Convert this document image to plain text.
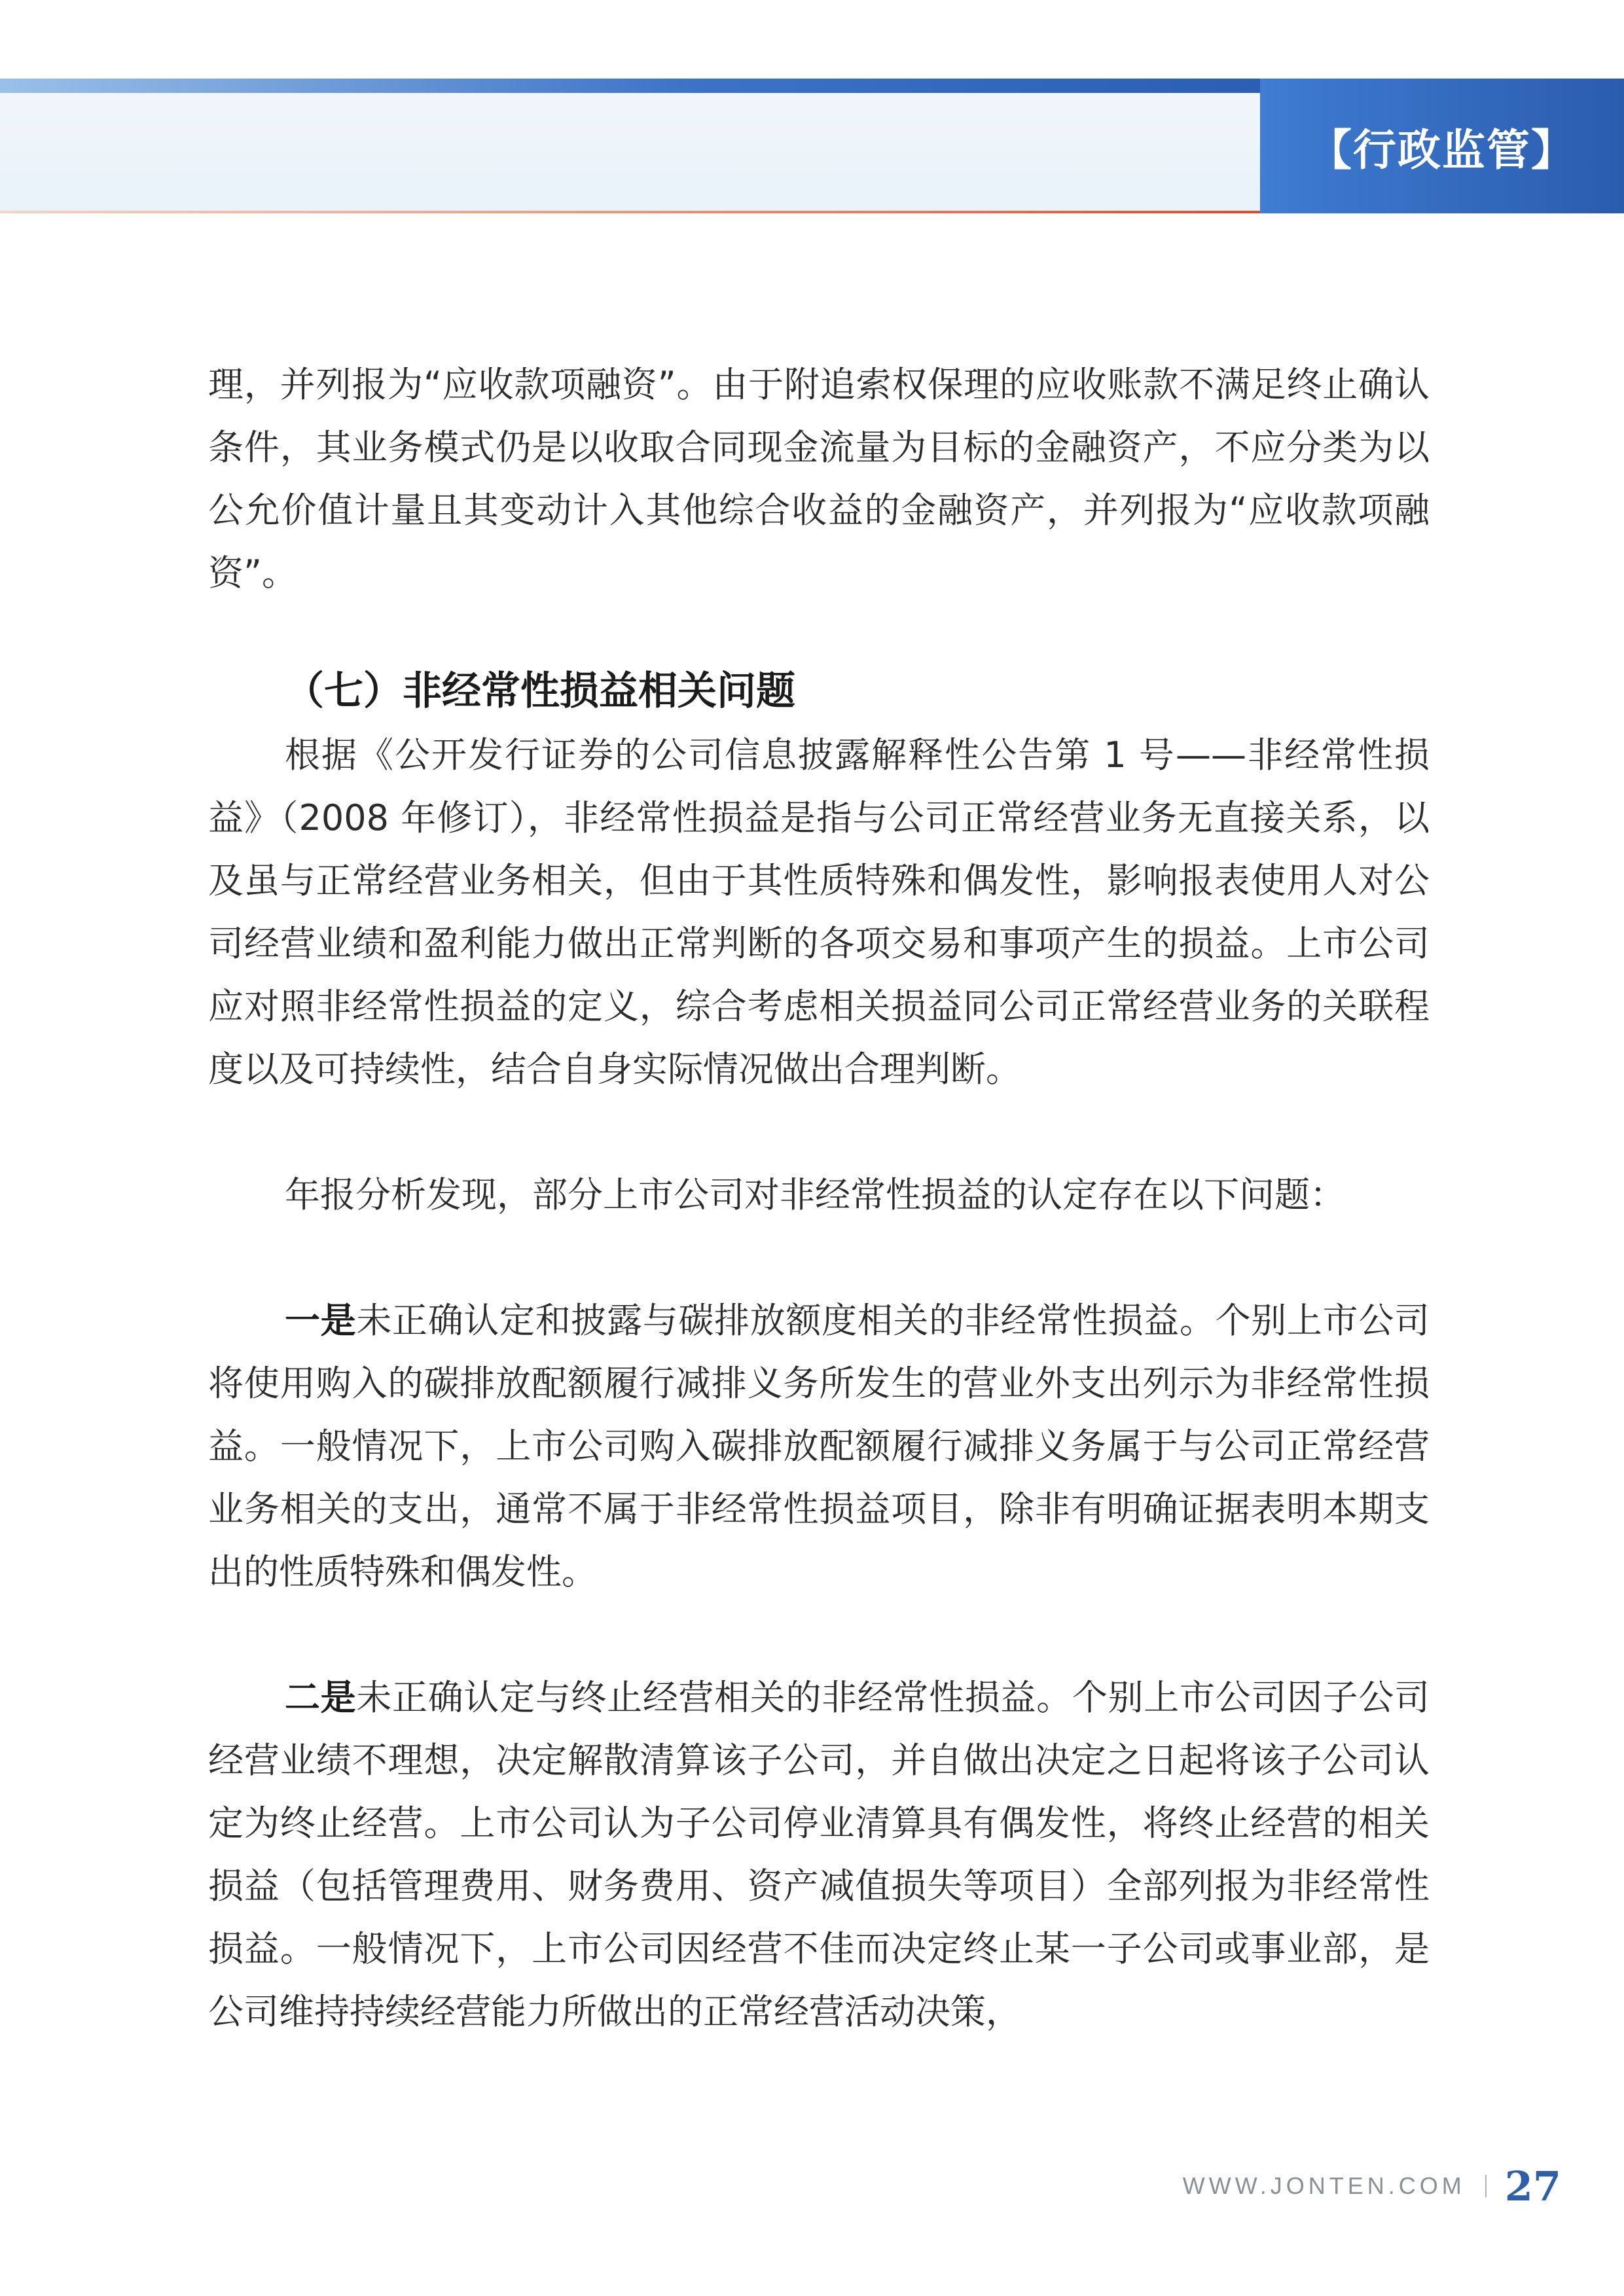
【行政监管】

理，并列报为“应收款项融资”。由于附追索权保理的应收账款不满足终止确认条件，其业务模式仍是以收取合同现金流量为目标的金融资产，不应分类为以公允价值计量且其变动计入其他综合收益的金融资产，并列报为“应收款项融资”。

（七）非经常性损益相关问题

根据《公开发行证券的公司信息披露解释性公告第 1 号——非经常性损益》（2008 年修订），非经常性损益是指与公司正常经营业务无直接关系，以及虽与正常经营业务相关，但由于其性质特殊和偶发性，影响报表使用人对公司经营业绩和盈利能力做出正常判断的各项交易和事项产生的损益。上市公司应对照非经常性损益的定义，综合考虑相关损益同公司正常经营业务的关联程度以及可持续性，结合自身实际情况做出合理判断。

年报分析发现，部分上市公司对非经常性损益的认定存在以下问题：

一是未正确认定和披露与碳排放额度相关的非经常性损益。个别上市公司将使用购入的碳排放配额履行减排义务所发生的营业外支出列示为非经常性损益。一般情况下，上市公司购入碳排放配额履行减排义务属于与公司正常经营业务相关的支出，通常不属于非经常性损益项目，除非有明确证据表明本期支出的性质特殊和偶发性。

二是未正确认定与终止经营相关的非经常性损益。个别上市公司因子公司经营业绩不理想，决定解散清算该子公司，并自做出决定之日起将该子公司认定为终止经营。上市公司认为子公司停业清算具有偶发性，将终止经营的相关损益（包括管理费用、财务费用、资产减值损失等项目）全部列报为非经常性损益。一般情况下，上市公司因经营不佳而决定终止某一子公司或事业部，是公司维持持续经营能力所做出的正常经营活动决策，

WWW.JONTEN.COM 27
